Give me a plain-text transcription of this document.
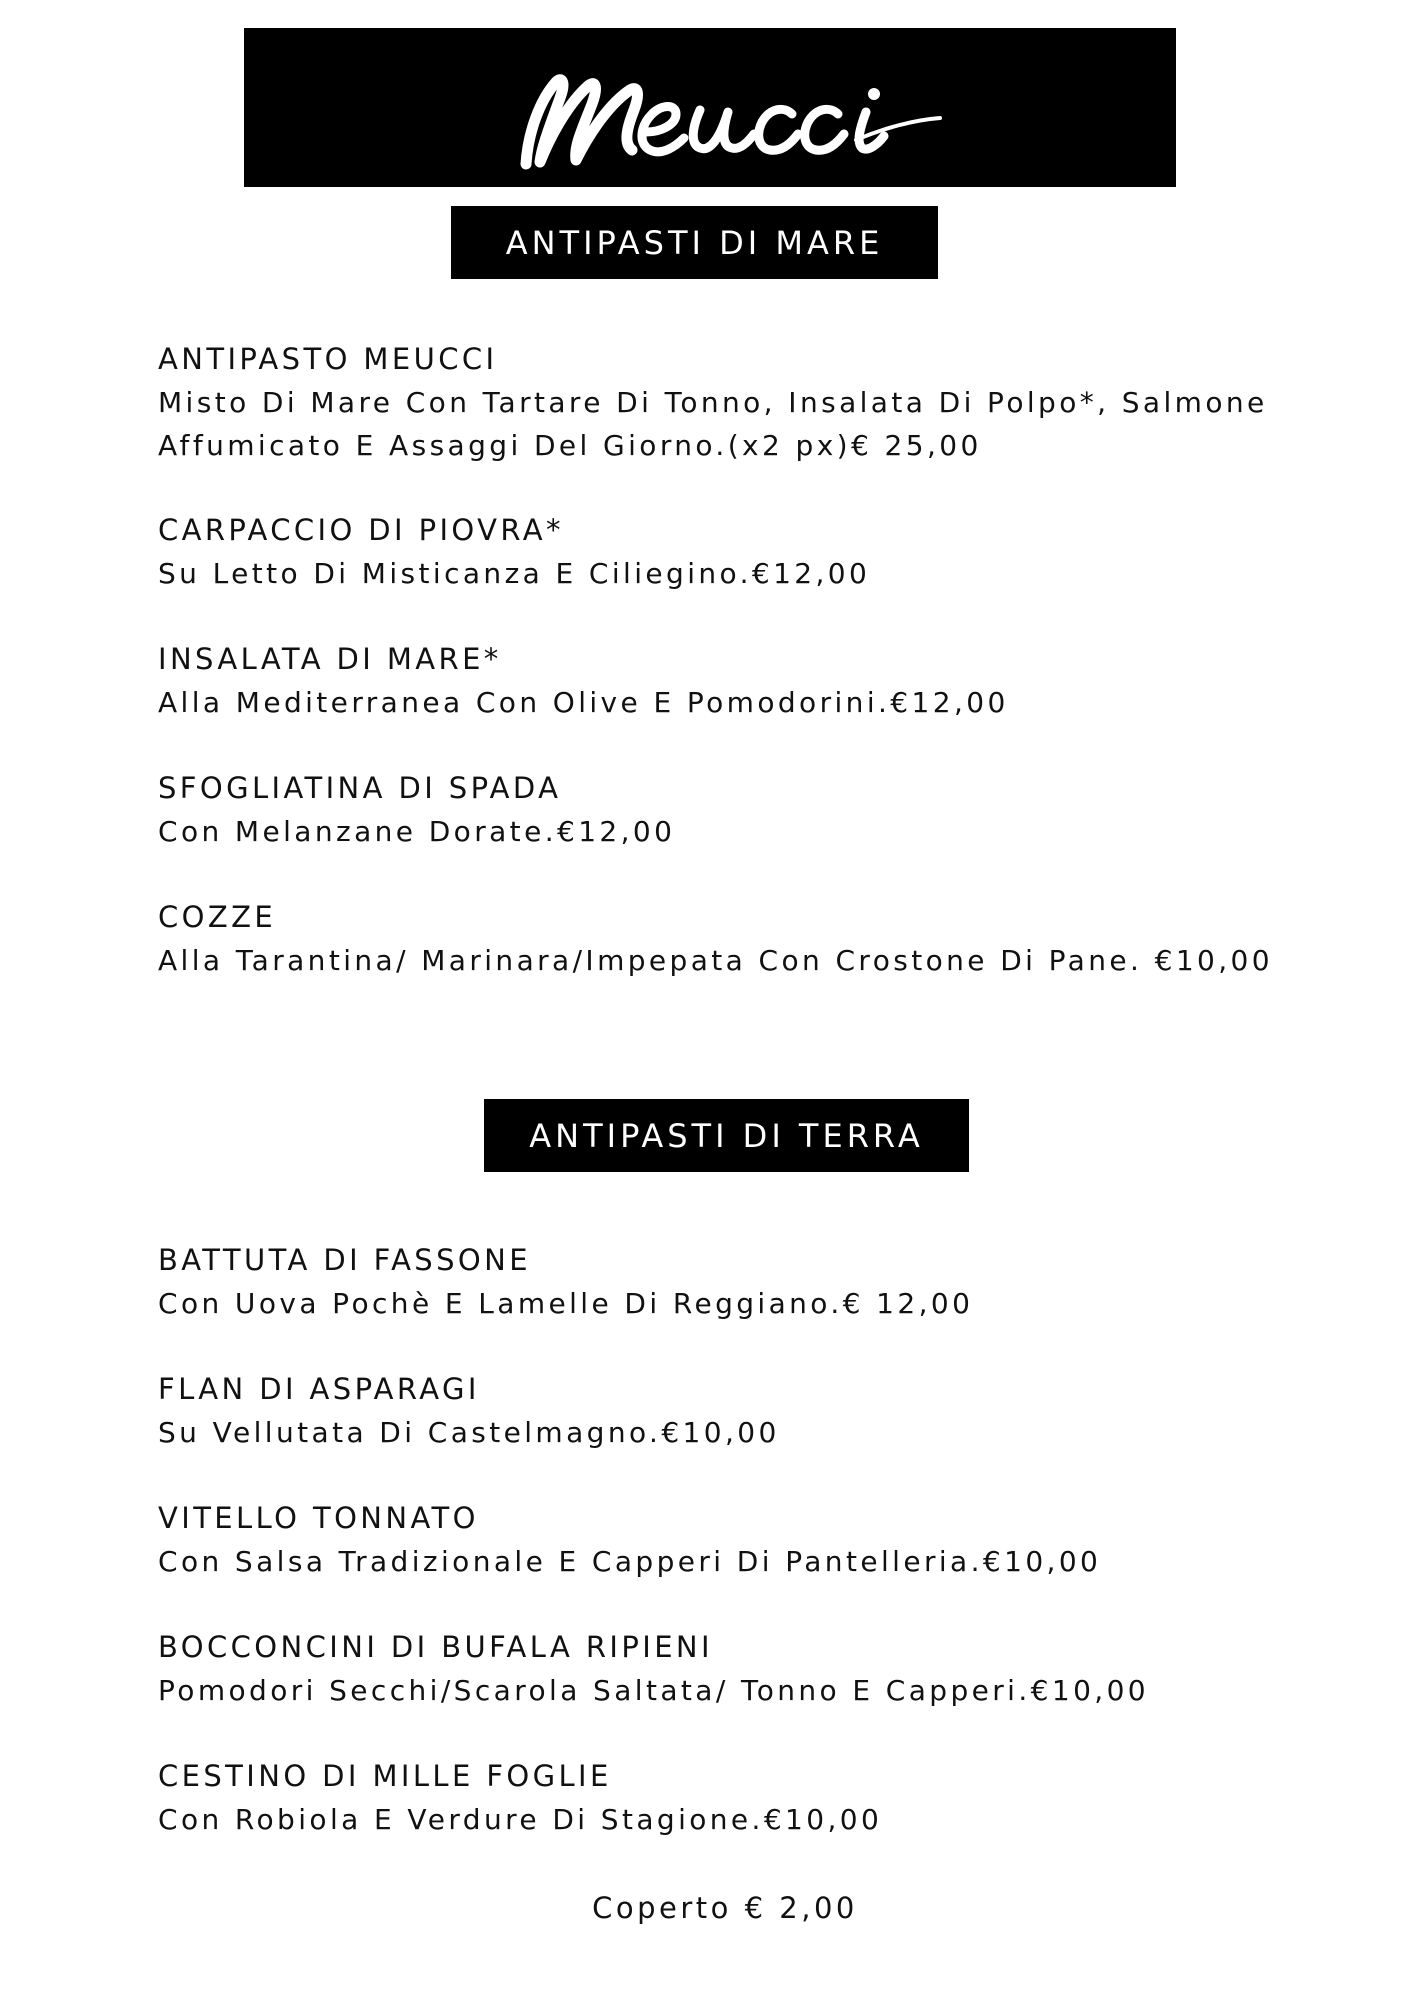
ANTIPASTI DI MARE
ANTIPASTO MEUCCI
Misto Di Mare Con Tartare Di Tonno, Insalata Di Polpo*, Salmone Affumicato E Assaggi Del Giorno.(x2 px)€ 25,00
CARPACCIO DI PIOVRA*
Su Letto Di Misticanza E Ciliegino.€12,00
INSALATA DI MARE*
Alla Mediterranea Con Olive E Pomodorini.€12,00
SFOGLIATINA DI SPADA
Con Melanzane Dorate.€12,00
COZZE
Alla Tarantina/ Marinara/Impepata Con Crostone Di Pane. €10,00
ANTIPASTI DI TERRA
BATTUTA DI FASSONE
Con Uova Pochè E Lamelle Di Reggiano.€ 12,00
FLAN DI ASPARAGI
Su Vellutata Di Castelmagno.€10,00
VITELLO TONNATO
Con Salsa Tradizionale E Capperi Di Pantelleria.€10,00
BOCCONCINI DI BUFALA RIPIENI
Pomodori Secchi/Scarola Saltata/ Tonno E Capperi.€10,00
CESTINO DI MILLE FOGLIE
Con Robiola E Verdure Di Stagione.€10,00
Coperto € 2,00
